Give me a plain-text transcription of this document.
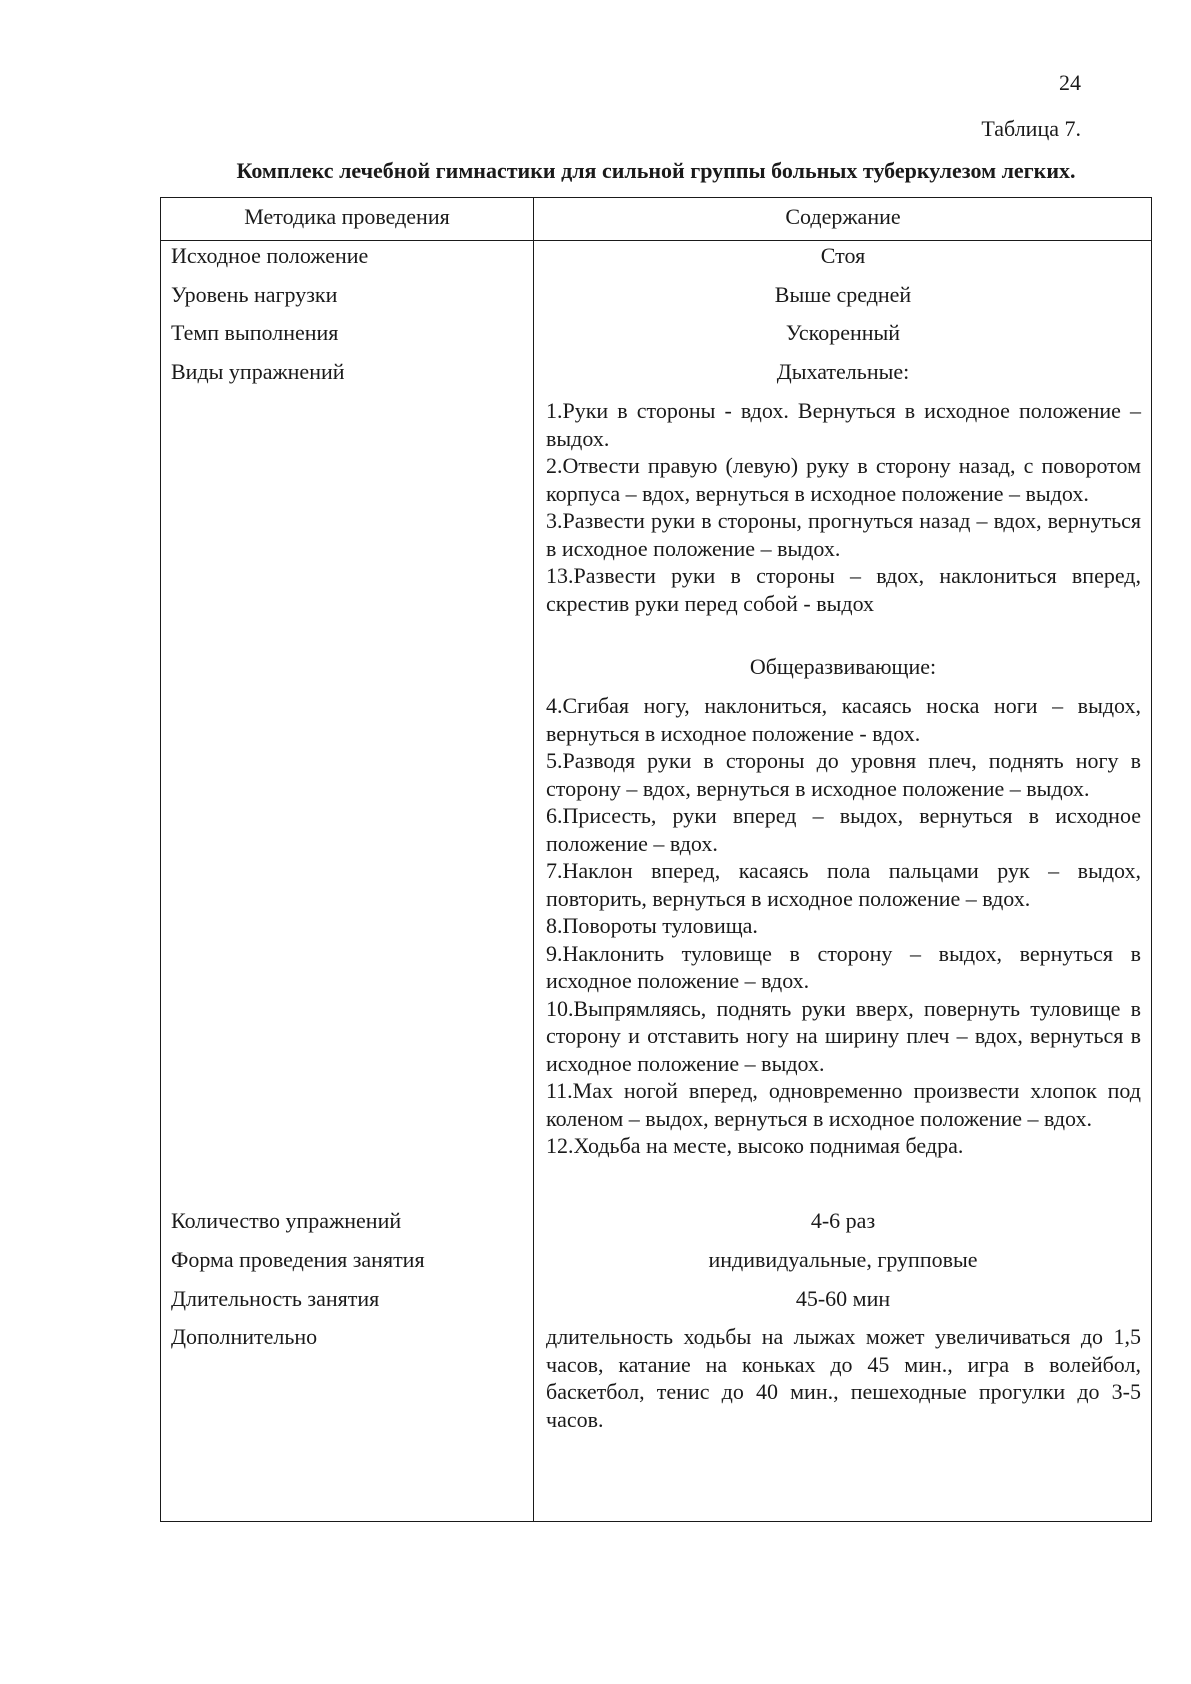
24
Таблица 7.
Комплекс лечебной гимнастики для сильной группы больных туберкулезом легких.
Методика проведения	Содержание
Исходное положение	Стоя
Уровень нагрузки	Выше средней
Темп выполнения	Ускоренный
Виды упражнений	Дыхательные:
1.Руки в стороны - вдох. Вернуться в исходное положение – выдох.
2.Отвести правую (левую) руку в сторону назад, с поворотом корпуса – вдох, вернуться в исходное положение – выдох.
3.Развести руки в стороны, прогнуться назад – вдох, вернуться в исходное положение – выдох.
13.Развести руки в стороны – вдох, наклониться вперед, скрестив руки перед собой - выдох
Общеразвивающие:
4.Сгибая ногу, наклониться, касаясь носка ноги – выдох, вернуться в исходное положение - вдох.
5.Разводя руки в стороны до уровня плеч, поднять ногу в сторону – вдох, вернуться в исходное положение – выдох.
6.Присесть, руки вперед – выдох, вернуться в исходное положение – вдох.
7.Наклон вперед, касаясь пола пальцами рук – выдох, повторить, вернуться в исходное положение – вдох.
8.Повороты туловища.
9.Наклонить туловище в сторону – выдох, вернуться в исходное положение – вдох.
10.Выпрямляясь, поднять руки вверх, повернуть туловище в сторону и отставить ногу на ширину плеч – вдох, вернуться в исходное положение – выдох.
11.Мах ногой вперед, одновременно произвести хлопок под коленом – выдох, вернуться в исходное положение – вдох.
12.Ходьба на месте, высоко поднимая бедра.
Количество упражнений	4-6 раз
Форма проведения занятия	индивидуальные, групповые
Длительность занятия	45-60 мин
Дополнительно	длительность ходьбы на лыжах может увеличиваться до 1,5 часов, катание на коньках до 45 мин., игра в волейбол, баскетбол, тенис до 40 мин., пешеходные прогулки до 3-5 часов.
